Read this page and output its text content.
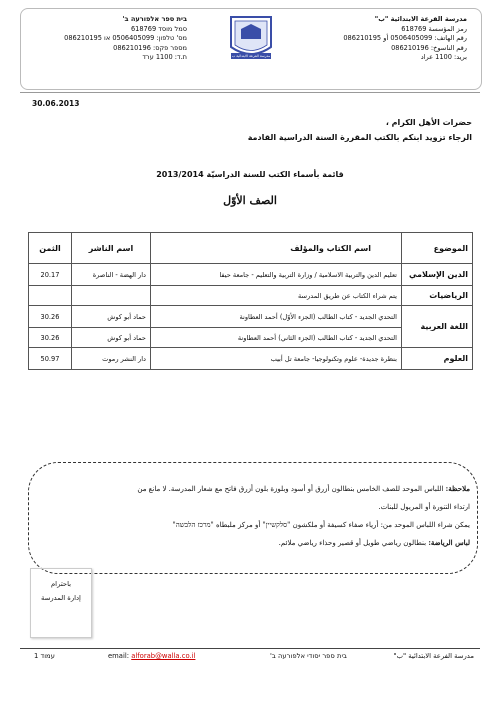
בית ספר אלפורעה ב'
סמל מוסד 618769
מס' טלפון: 0506405099 או 086210195
מספר פקס: 086210196
ת.ד: 1100 ערד	مدرسة الفرعة الابتدائية ب
مدرسة الفرعة الابتدائية "ب"
رمز المؤسسة 618769
رقم الهاتف: 0506405099 أو 086210195
رقم الناسوخ: 086210196
بريد: 1100 عراد
30.06.2013
حضرات الأهل الكرام ،
الرجاء تزويد ابنكم بالكتب المقررة السنة الدراسية القادمة
قائمة بأسماء الكتب للسنة الدراسيّة 2013/2014
الصف الأوّل
الموضوع	اسم الكتاب والمؤلف	اسم الناشر	الثمن
الدين الإسلامي	تعليم الدين والتربية الاسلامية / وزارة التربية والتعليم - جامعة حيفا	دار الهضة - الناصرة	20.17
الرياضيات	يتم شراء الكتاب عن طريق المدرسة		
اللغة العربية	التحدي الجديد - كتاب الطالب (الجزء الأوّل) أحمد العطاونة	حماد أبو كوش	30.26
	التحدي الجديد - كتاب الطالب (الجزء الثاني) أحمد العطاونة	حماد أبو كوش	30.26
العلوم	بنظرة جديدة- علوم وتكنولوجيا- جامعة تل أبيب	دار النشر رموت	50.97
ملاحظة: اللباس الموحد للصف الخامس بنطالون أزرق أو أسود وبلوزة بلون أزرق فاتح مع شعار المدرسة. لا مانع من
ارتداء التنورة أو المريول للبنات.
يمكن شراء اللباس الموحد من: أرياء صفاء كسيفة أو ملكشون "סלקשיין" أو مركز ملبطاه "מרכז הלבשה"
لباس الرياضة: بنطالون رياضي طويل أو قصير وحذاء رياضي ملائم.
باحترام
إدارة المدرسة
עמוד 1	email: alforab@walla.co.il	בית ספר יסודי אלפורעה ב'	مدرسة الفرعة الابتدائية "ب"
